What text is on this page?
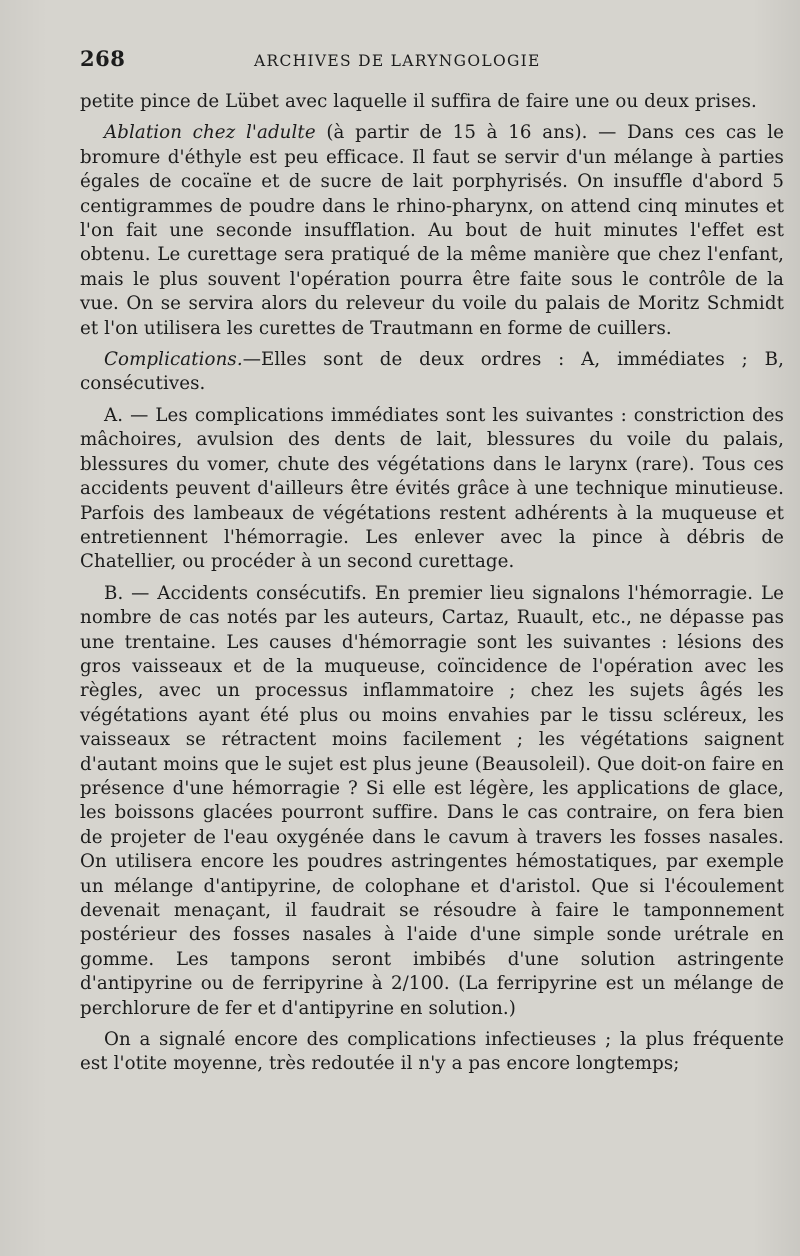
268	ARCHIVES DE LARYNGOLOGIE

petite pince de Lübet avec laquelle il suffira de faire une ou deux prises.

Ablation chez l'adulte (à partir de 15 à 16 ans). — Dans ces cas le bromure d'éthyle est peu efficace. Il faut se servir d'un mélange à parties égales de cocaïne et de sucre de lait porphyrisés. On insuffle d'abord 5 centigrammes de poudre dans le rhino-pharynx, on attend cinq minutes et l'on fait une seconde insufflation. Au bout de huit minutes l'effet est obtenu. Le curettage sera pratiqué de la même manière que chez l'enfant, mais le plus souvent l'opération pourra être faite sous le contrôle de la vue. On se servira alors du releveur du voile du palais de Moritz Schmidt et l'on utilisera les curettes de Trautmann en forme de cuillers.

Complications.—Elles sont de deux ordres : A, immédiates ; B, consécutives.

A. — Les complications immédiates sont les suivantes : constriction des mâchoires, avulsion des dents de lait, blessures du voile du palais, blessures du vomer, chute des végétations dans le larynx (rare). Tous ces accidents peuvent d'ailleurs être évités grâce à une technique minutieuse. Parfois des lambeaux de végétations restent adhérents à la muqueuse et entretiennent l'hémorragie. Les enlever avec la pince à débris de Chatellier, ou procéder à un second curettage.

B. — Accidents consécutifs. En premier lieu signalons l'hémorragie. Le nombre de cas notés par les auteurs, Cartaz, Ruault, etc., ne dépasse pas une trentaine. Les causes d'hémorragie sont les suivantes : lésions des gros vaisseaux et de la muqueuse, coïncidence de l'opération avec les règles, avec un processus inflammatoire ; chez les sujets âgés les végétations ayant été plus ou moins envahies par le tissu scléreux, les vaisseaux se rétractent moins facilement ; les végétations saignent d'autant moins que le sujet est plus jeune (Beausoleil). Que doit-on faire en présence d'une hémorragie ? Si elle est légère, les applications de glace, les boissons glacées pourront suffire. Dans le cas contraire, on fera bien de projeter de l'eau oxygénée dans le cavum à travers les fosses nasales. On utilisera encore les poudres astringentes hémostatiques, par exemple un mélange d'antipyrine, de colophane et d'aristol. Que si l'écoulement devenait menaçant, il faudrait se résoudre à faire le tamponnement postérieur des fosses nasales à l'aide d'une simple sonde urétrale en gomme. Les tampons seront imbibés d'une solution astringente d'antipyrine ou de ferripyrine à 2/100. (La ferripyrine est un mélange de perchlorure de fer et d'antipyrine en solution.)

On a signalé encore des complications infectieuses ; la plus fréquente est l'otite moyenne, très redoutée il n'y a pas encore longtemps;
